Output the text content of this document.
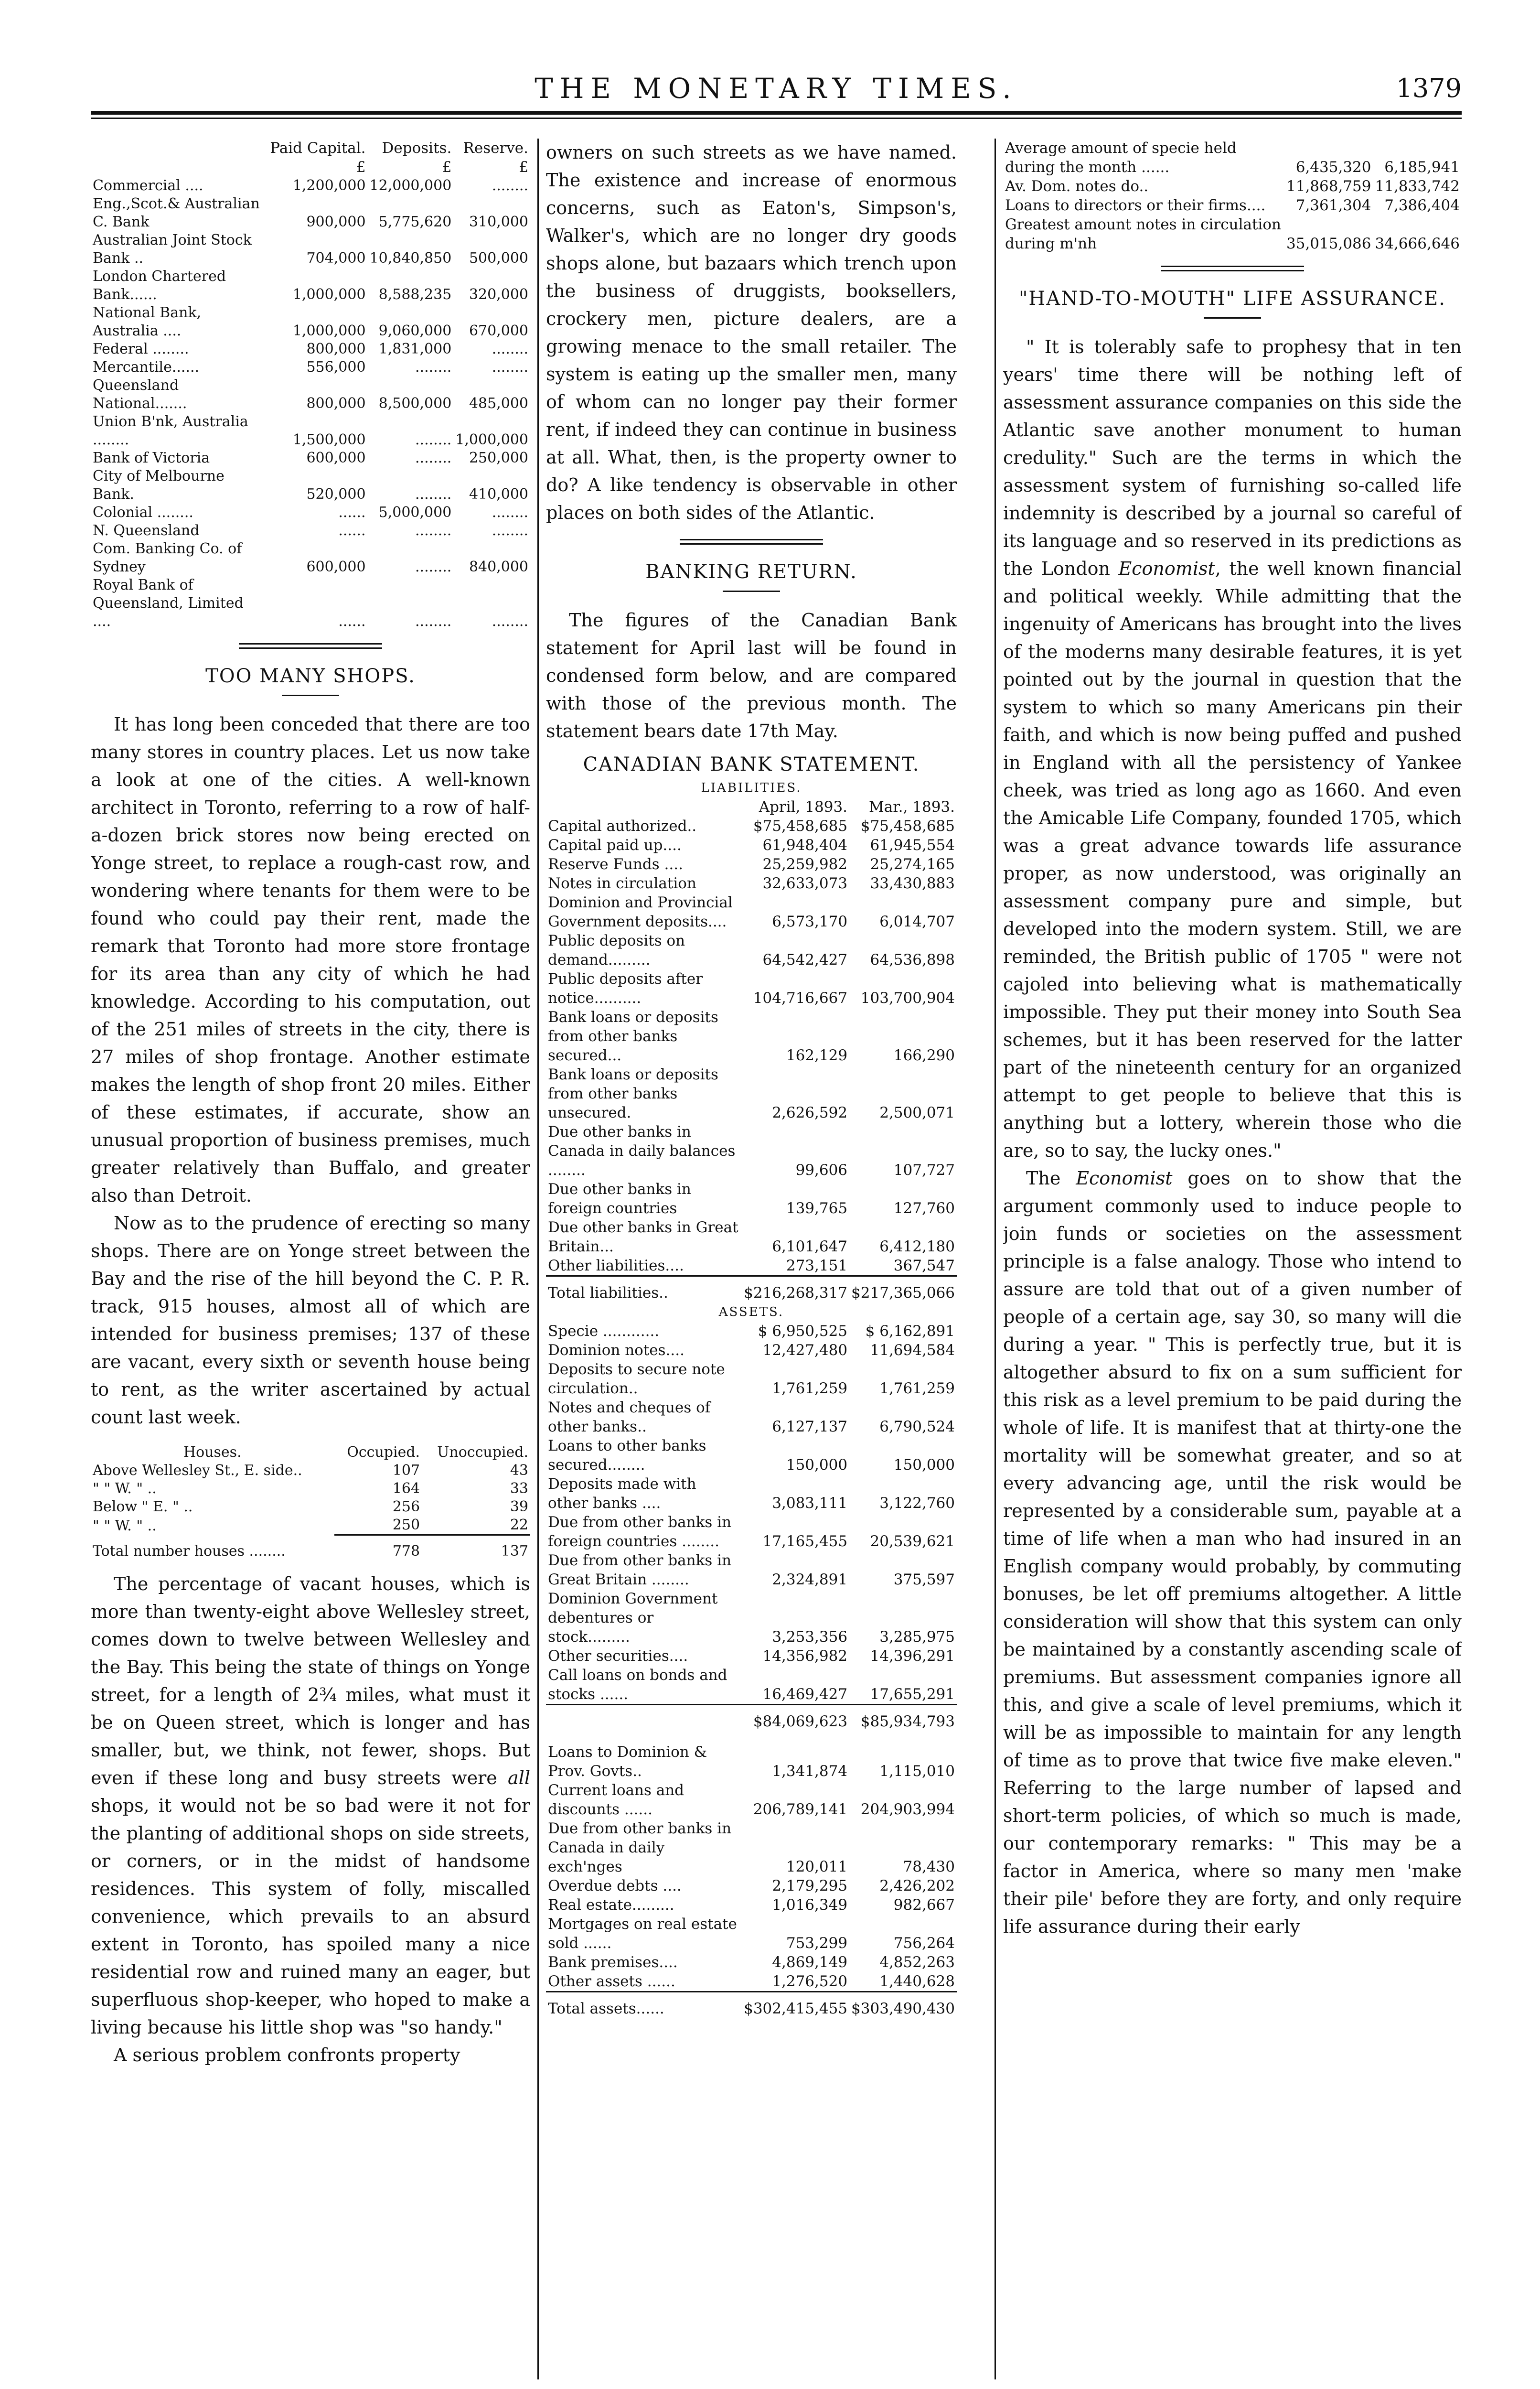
THE MONETARY TIMES.	1379
	Paid Capital.	Deposits.	Reserve.
	£	£	£
Commercial ....	1,200,000	12,000,000	........
Eng.,Scot.& Australian C. Bank	900,000	5,775,620	310,000
Australian Joint Stock Bank ..	704,000	10,840,850	500,000
London Chartered Bank......	1,000,000	8,588,235	320,000
National Bank, Australia ....	1,000,000	9,060,000	670,000
Federal ........	800,000	1,831,000	........
Mercantile......	556,000	........	........
Queensland National.......	800,000	8,500,000	485,000
Union B'nk, Australia ........	1,500,000	........	1,000,000
Bank of Victoria	600,000	........	250,000
City of Melbourne Bank.	520,000	........	410,000
Colonial ........	......	5,000,000	........
N. Queensland	......	........	........
Com. Banking Co. of Sydney	600,000	........	840,000
Royal Bank of Queensland, Limited ....	......	........	........
TOO MANY SHOPS.

It has long been conceded that there are too many stores in country places. Let us now take a look at one of the cities. A well-known architect in Toronto, referring to a row of half-a-dozen brick stores now being erected on Yonge street, to replace a rough-cast row, and wondering where tenants for them were to be found who could pay their rent, made the remark that Toronto had more store frontage for its area than any city of which he had knowledge. According to his computation, out of the 251 miles of streets in the city, there is 27 miles of shop frontage. Another estimate makes the length of shop front 20 miles. Either of these estimates, if accurate, show an unusual proportion of business premises, much greater relatively than Buffalo, and greater also than Detroit.

Now as to the prudence of erecting so many shops. There are on Yonge street between the Bay and the rise of the hill beyond the C. P. R. track, 915 houses, almost all of which are intended for business premises; 137 of these are vacant, every sixth or seventh house being to rent, as the writer ascertained by actual count last week.

Houses.	Occupied.	Unoccupied.
Above Wellesley St., E. side..	107	43
" " W. " ..	164	33
Below " E. " ..	256	39
" " W. " ..	250	22
Total number houses ........	778	137

The percentage of vacant houses, which is more than twenty-eight above Wellesley street, comes down to twelve between Wellesley and the Bay. This being the state of things on Yonge street, for a length of 2¾ miles, what must it be on Queen street, which is longer and has smaller, but, we think, not fewer, shops. But even if these long and busy streets were all shops, it would not be so bad were it not for the planting of additional shops on side streets, or corners, or in the midst of handsome residences. This system of folly, miscalled convenience, which prevails to an absurd extent in Toronto, has spoiled many a nice residential row and ruined many an eager, but superfluous shop-keeper, who hoped to make a living because his little shop was "so handy."

A serious problem confronts property

owners on such streets as we have named. The existence and increase of enormous concerns, such as Eaton's, Simpson's, Walker's, which are no longer dry goods shops alone, but bazaars which trench upon the business of druggists, booksellers, crockery men, picture dealers, are a growing menace to the small retailer. The system is eating up the smaller men, many of whom can no longer pay their former rent, if indeed they can continue in business at all. What, then, is the property owner to do? A like tendency is observable in other places on both sides of the Atlantic.

BANKING RETURN.

The figures of the Canadian Bank statement for April last will be found in condensed form below, and are compared with those of the previous month. The statement bears date 17th May.

CANADIAN BANK STATEMENT.
LIABILITIES.		
	April, 1893.	Mar., 1893.
Capital authorized..	$75,458,685	$75,458,685
Capital paid up....	61,948,404	61,945,554
Reserve Funds ....	25,259,982	25,274,165
Notes in circulation	32,633,073	33,430,883
Dominion and Provincial Government deposits....	6,573,170	6,014,707
Public deposits on demand.........	64,542,427	64,536,898
Public deposits after notice..........	104,716,667	103,700,904
Bank loans or deposits from other banks secured...	162,129	166,290
Bank loans or deposits from other banks unsecured.	2,626,592	2,500,071
Due other banks in Canada in daily balances ........	99,606	107,727
Due other banks in foreign countries	139,765	127,760
Due other banks in Great Britain...	6,101,647	6,412,180
Other liabilities....	273,151	367,547
Total liabilities..	$216,268,317	$217,365,066
ASSETS.		
Specie ............	$ 6,950,525	$ 6,162,891
Dominion notes....	12,427,480	11,694,584
Deposits to secure note circulation..	1,761,259	1,761,259
Notes and cheques of other banks..	6,127,137	6,790,524
Loans to other banks secured........	150,000	150,000
Deposits made with other banks ....	3,083,111	3,122,760
Due from other banks in foreign countries ........	17,165,455	20,539,621
Due from other banks in Great Britain ........	2,324,891	375,597
Dominion Government debentures or stock.........	3,253,356	3,285,975
Other securities....	14,356,982	14,396,291
Call loans on bonds and stocks ......	16,469,427	17,655,291
	$84,069,623	$85,934,793

Loans to Dominion & Prov. Govts..	1,341,874	1,115,010
Current loans and discounts ......	206,789,141	204,903,994
Due from other banks in Canada in daily exch'nges	120,011	78,430
Overdue debts ....	2,179,295	2,426,202
Real estate.........	1,016,349	982,667
Mortgages on real estate sold ......	753,299	756,264
Bank premises....	4,869,149	4,852,263
Other assets ......	1,276,520	1,440,628
Total assets......	$302,415,455	$303,490,430
Average amount of specie held during the month ......	6,435,320	6,185,941
Av. Dom. notes do..	11,868,759	11,833,742
Loans to directors or their firms....	7,361,304	7,386,404
Greatest amount notes in circulation during m'nh	35,015,086	34,666,646
"HAND-TO-MOUTH" LIFE ASSURANCE.

" It is tolerably safe to prophesy that in ten years' time there will be nothing left of assessment assurance companies on this side the Atlantic save another monument to human credulity." Such are the terms in which the assessment system of furnishing so-called life indemnity is described by a journal so careful of its language and so reserved in its predictions as the London Economist, the well known financial and political weekly. While admitting that the ingenuity of Americans has brought into the lives of the moderns many desirable features, it is yet pointed out by the journal in question that the system to which so many Americans pin their faith, and which is now being puffed and pushed in England with all the persistency of Yankee cheek, was tried as long ago as 1660. And even the Amicable Life Company, founded 1705, which was a great advance towards life assurance proper, as now understood, was originally an assessment company pure and simple, but developed into the modern system. Still, we are reminded, the British public of 1705 " were not cajoled into believing what is mathematically impossible. They put their money into South Sea schemes, but it has been reserved for the latter part of the nineteenth century for an organized attempt to get people to believe that this is anything but a lottery, wherein those who die are, so to say, the lucky ones."

The Economist goes on to show that the argument commonly used to induce people to join funds or societies on the assessment principle is a false analogy. Those who intend to assure are told that out of a given number of people of a certain age, say 30, so many will die during a year. " This is perfectly true, but it is altogether absurd to fix on a sum sufficient for this risk as a level premium to be paid during the whole of life. It is manifest that at thirty-one the mortality will be somewhat greater, and so at every advancing age, until the risk would be represented by a considerable sum, payable at a time of life when a man who had insured in an English company would probably, by commuting bonuses, be let off premiums altogether. A little consideration will show that this system can only be maintained by a constantly ascending scale of premiums. But assessment companies ignore all this, and give a scale of level premiums, which it will be as impossible to maintain for any length of time as to prove that twice five make eleven." Referring to the large number of lapsed and short-term policies, of which so much is made, our contemporary remarks: " This may be a factor in America, where so many men 'make their pile' before they are forty, and only require life assurance during their early
